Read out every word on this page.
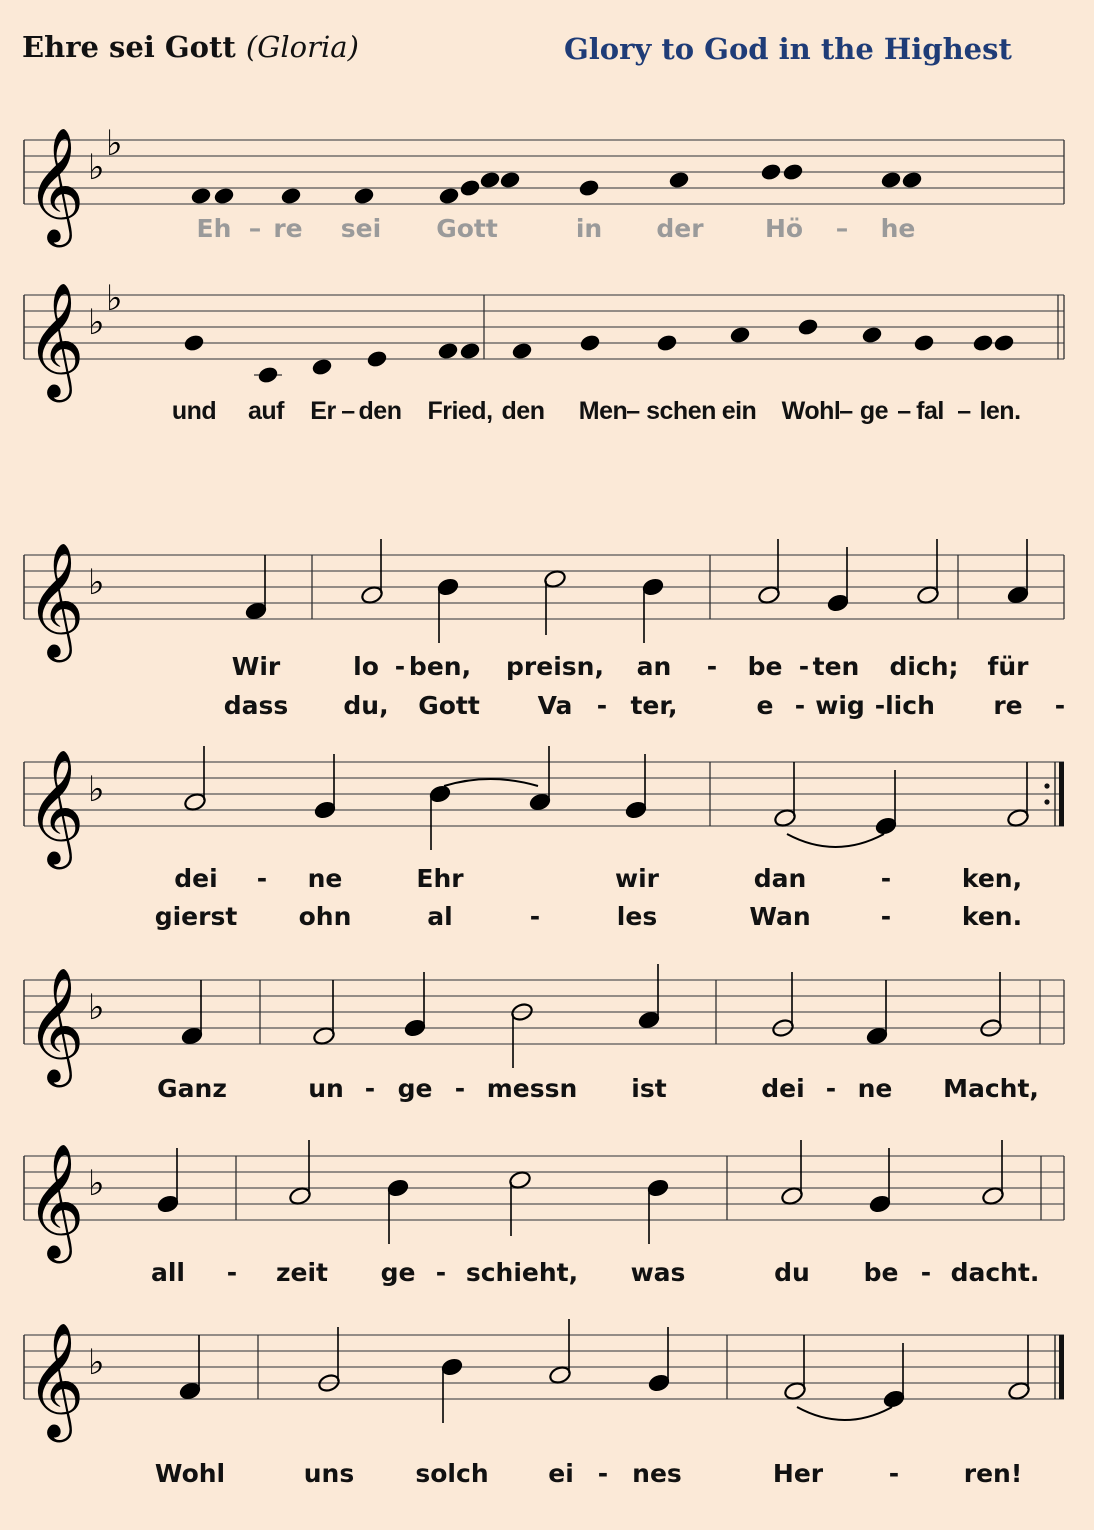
Ehre sei Gott (Gloria)	Glory to God in the Highest
𝄞 ♭
♭
Eh – re sei Gott	in der Hö – he
𝄞 ♭
♭
und auf Er – den Fried, den Men – schen ein Wohl
– ge – fal – len.
𝄞 ♭
Wir	lo - ben, preisn, an - be - ten dich; für
dass du, Gott Va - ter,	e - wig - lich re -
𝄞 ♭
dei - ne	Ehr	wir	dan	-	ken,
gierst ohn	al	-	les	Wan	-	ken.
𝄞 ♭
Ganz	un - ge - messn ist	dei - ne Macht,
𝄞 ♭
all - zeit ge - schieht, was	du be - dacht.
𝄞 ♭
Wohl	uns solch ei - nes	Her	-	ren!
